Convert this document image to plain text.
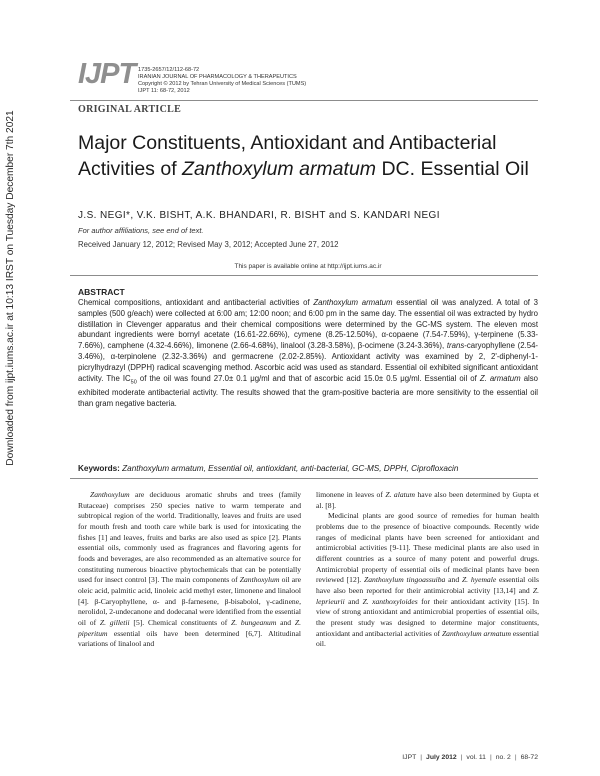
Downloaded from ijpt.iums.ac.ir at 10:13 IRST on Tuesday December 7th 2021
IJPT 1735-2657/12/112-68-72
IRANIAN JOURNAL OF PHARMACOLOGY & THERAPEUTICS
Copyright © 2012 by Tehran University of Medical Sciences (TUMS)
IJPT 11: 68-72, 2012
ORIGINAL ARTICLE
Major Constituents, Antioxidant and Antibacterial
Activities of Zanthoxylum armatum DC. Essential Oil
J.S. NEGI*, V.K. BISHT, A.K. BHANDARI, R. BISHT and S. KANDARI NEGI
For author affiliations, see end of text.
Received January 12, 2012; Revised May 3, 2012; Accepted June 27, 2012
This paper is available online at http://ijpt.iums.ac.ir
ABSTRACT
Chemical compositions, antioxidant and antibacterial activities of Zanthoxylum armatum essential oil was analyzed. A total of 3 samples (500 g/each) were collected at 6:00 am; 12:00 noon; and 6:00 pm in the same day. The essential oil was extracted by hydro distillation in Clevenger apparatus and their chemical compositions were determined by the GC-MS system. The eleven most abundant ingredients were bornyl acetate (16.61-22.66%), cymene (8.25-12.50%), α-copaene (7.54-7.59%), γ-terpinene (5.33-7.66%), camphene (4.32-4.66%), limonene (2.66-4.68%), linalool (3.28-3.58%), β-ocimene (3.24-3.36%), trans-caryophyllene (2.54-3.46%), α-terpinolene (2.32-3.36%) and germacrene (2.02-2.85%). Antioxidant activity was examined by 2, 2'-diphenyl-1-picrylhydrazyl (DPPH) radical scavenging method. Ascorbic acid was used as standard. Essential oil exhibited significant antioxidant activity. The $IC_{50}$ of the oil was found 27.0± 0.1 μg/ml and that of ascorbic acid 15.0± 0.5 μg/ml. Essential oil of Z. armatum also exhibited moderate antibacterial activity. The results showed that the gram-positive bacteria are more sensitivity to the essential oil than gram negative bacteria.
Keywords: Zanthoxylum armatum, Essential oil, antioxidant, anti-bacterial, GC-MS, DPPH, Ciprofloxacin

Zanthoxylum are deciduous aromatic shrubs and trees (family Rutaceae) comprises 250 species native to warm temperate and subtropical region of the world. Traditionally, leaves and fruits are used for mouth fresh and tooth care while bark is used for intoxicating the fishes [1] and leaves, fruits and barks are also used as spice [2]. Plants essential oils, commonly used as fragrances and flavoring agents for foods and beverages, are also recommended as an alternative source for constituting numerous bioactive phytochemicals that can be potentially used for insect control [3]. The main components of Zanthoxylum oil are oleic acid, palmitic acid, linoleic acid methyl ester, limonene and linalool [4]. β-Caryophyllene, α- and β-farnesene, β-bisabolol, γ-cadinene, nerolidol, 2-undecanone and dodecanal were identified from the essential oil of Z. gilletii [5]. Chemical constituents of Z. bungeanum and Z. piperitum essential oils have been determined [6,7]. Altitudinal variations of linalool and

limonene in leaves of Z. alatum have also been determined by Gupta et al. [8].

Medicinal plants are good source of remedies for human health problems due to the presence of bioactive compounds. Recently wide ranges of medicinal plants have been screened for antioxidant and antimicrobial activities [9-11]. These medicinal plants are also used in different countries as a source of many potent and powerful drugs. Antimicrobial property of essential oils of medicinal plants have been reviewed [12]. Zanthoxylum tingoassuiba and Z. hyemale essential oils have also been reported for their antimicrobial activity [13,14] and Z. leprieurii and Z. xanthoxyloides for their antioxidant activity [15]. In view of strong antioxidant and antimicrobial properties of essential oils, the present study was designed to determine major constituents, antioxidant and antibacterial activities of Zanthoxylum armatum essential oil.

IJPT | July 2012 | vol. 11 | no. 2 | 68-72
